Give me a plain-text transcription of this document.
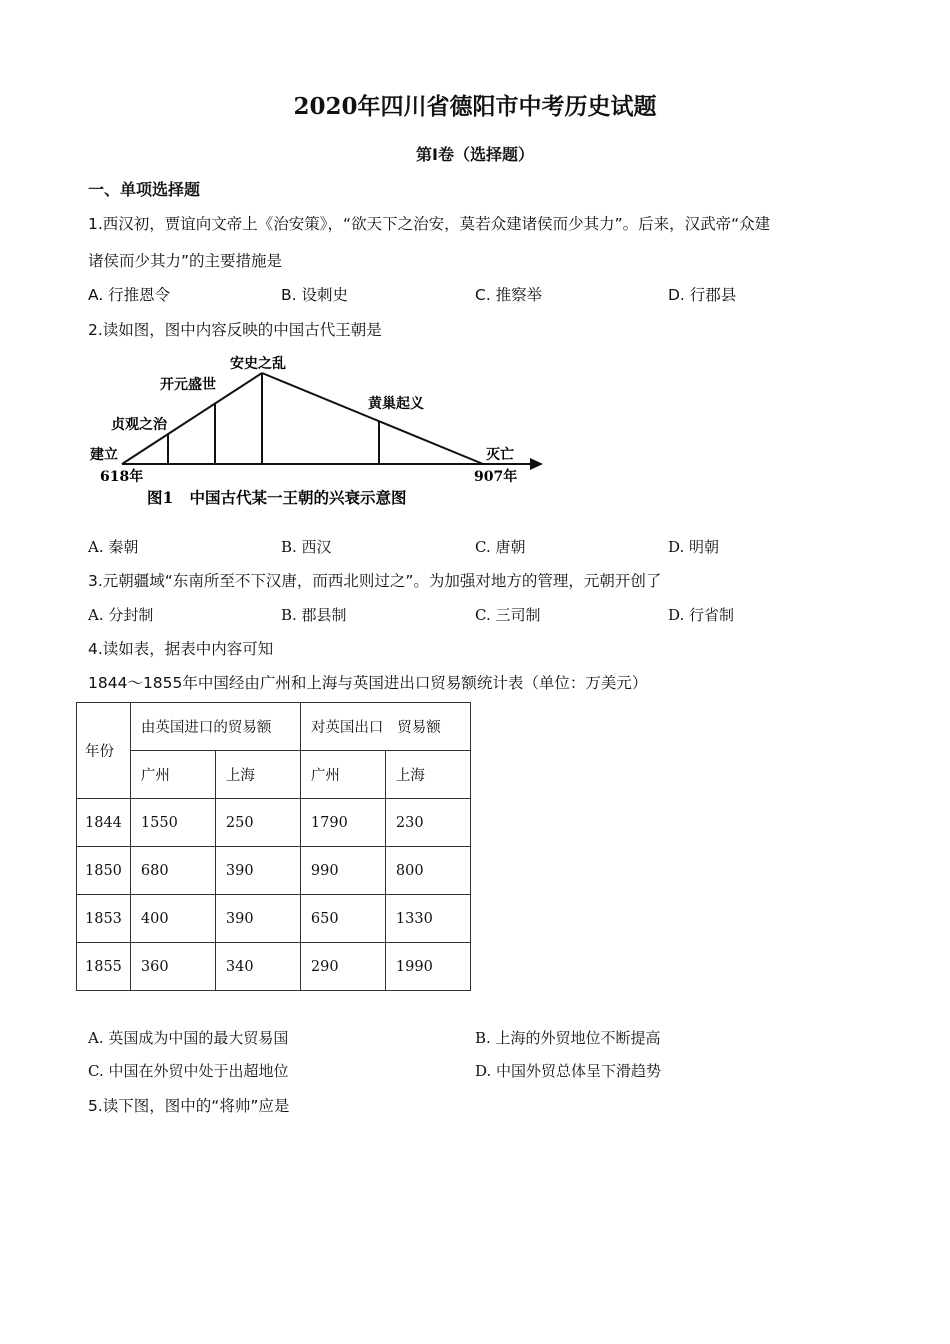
2020年四川省德阳市中考历史试题
第Ⅰ卷（选择题）
一、单项选择题
1.西汉初，贾谊向文帝上《治安策》，“欲天下之治安，莫若众建诸侯而少其力”。后来，汉武帝“众建
诸侯而少其力”的主要措施是
A. 行推恩令	B. 设刺史	C. 推察举	D. 行郡县
2.读如图，图中内容反映的中国古代王朝是
建立
618年
贞观之治
开元盛世
安史之乱
黄巢起义
灭亡
907年
图1   中国古代某一王朝的兴衰示意图
A. 秦朝	B. 西汉	C. 唐朝	D. 明朝
3.元朝疆域“东南所至不下汉唐，而西北则过之”。为加强对地方的管理，元朝开创了
A. 分封制	B. 郡县制	C. 三司制	D. 行省制
4.读如表，据表中内容可知
1844～1855年中国经由广州和上海与英国进出口贸易额统计表（单位：万美元）
年份	由英国进口的贸易额		对英国出口   贸易额	
	广州	上海	广州	上海
1844	1550	250	1790	230
1850	680	390	990	800
1853	400	390	650	1330
1855	360	340	290	1990
A. 英国成为中国的最大贸易国	B. 上海的外贸地位不断提高
C. 中国在外贸中处于出超地位	D. 中国外贸总体呈下滑趋势
5.读下图，图中的“将帅”应是
